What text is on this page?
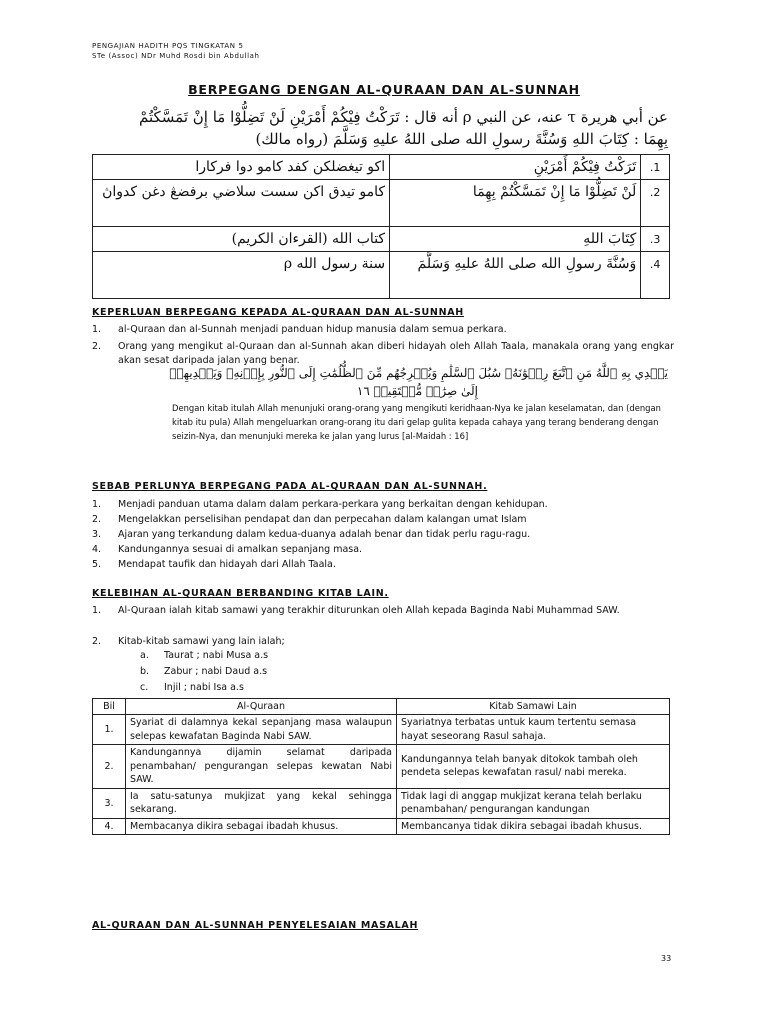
PENGAJIAN HADITH PQS TINGKATAN 5
STe (Assoc) NDr Muhd Rosdi bin Abdullah
BERPEGANG DENGAN AL-QURAAN DAN AL-SUNNAH
عن أبي هريرة τ عنه، عن النبي ρ أنه قال : تَرَكْتُ فِيْكُمْ أَمْرَيْنِ لَنْ تَضِلُّوْا مَا إِنْ تَمَسَّكْتُمْ
بِهِمَا : كِتَابَ اللهِ وَسُنَّةَ رسولِ الله صلى اللهُ عليهِ وَسَلَّمَ (رواه مالك)
اکو تيغضلکن کفد کامو دوا فرکارا	تَرَكْتُ فِيْكُمْ أَمْرَيْنِ	.1
کامو تيدق اکن سست سلاضي برفضڠ دغن کدواڽ	لَنْ تَضِلُّوْا مَا إِنْ تَمَسَّكْتُمْ بِهِمَا	.2
کتاب الله (القرءان الكريم)	كِتَابَ اللهِ	.3
سنة رسول الله ρ	وَسُنَّةَ رسولِ الله صلى اللهُ عليهِ وَسَلَّمَ	.4
KEPERLUAN BERPEGANG KEPADA AL-QURAAN DAN AL-SUNNAH
1. al-Quraan dan al-Sunnah menjadi panduan hidup manusia dalam semua perkara.
2. Orang yang mengikut al-Quraan dan al-Sunnah akan diberi hidayah oleh Allah Taala, manakala orang yang engkar akan sesat daripada jalan yang benar.
يَهۡدِي بِهِ ٱللَّهُ مَنِ ٱتَّبَعَ رِضۡوَٰنَهُۥ سُبُلَ ٱلسَّلَٰمِ وَيُخۡرِجُهُم مِّنَ ٱلظُّلُمَٰتِ إِلَى ٱلنُّورِ بِإِذۡنِهِۦ وَيَهۡدِيهِمۡ
إِلَىٰ صِرَٰطٖ مُّسۡتَقِيمٖ ١٦
Dengan kitab itulah Allah menunjuki orang-orang yang mengikuti keridhaan-Nya ke jalan keselamatan, dan (dengan kitab itu pula) Allah mengeluarkan orang-orang itu dari gelap gulita kepada cahaya yang terang benderang dengan seizin-Nya, dan menunjuki mereka ke jalan yang lurus [al-Maidah : 16]
SEBAB PERLUNYA BERPEGANG PADA AL-QURAAN DAN AL-SUNNAH.
1. Menjadi panduan utama dalam dalam perkara-perkara yang berkaitan dengan kehidupan.
2. Mengelakkan perselisihan pendapat dan dan perpecahan dalam kalangan umat Islam
3. Ajaran yang terkandung dalam kedua-duanya adalah benar dan tidak perlu ragu-ragu.
4. Kandungannya sesuai di amalkan sepanjang masa.
5. Mendapat taufik dan hidayah dari Allah Taala.
KELEBIHAN AL-QURAAN BERBANDING KITAB LAIN.
1. Al-Quraan ialah kitab samawi yang terakhir diturunkan oleh Allah kepada Baginda Nabi Muhammad SAW.
2. Kitab-kitab samawi yang lain ialah;
a. Taurat ; nabi Musa a.s
b. Zabur ; nabi Daud a.s
c. Injil ; nabi Isa a.s
Bil	Al-Quraan	Kitab Samawi Lain
1.	Syariat di dalamnya kekal sepanjang masa walaupun selepas kewafatan Baginda Nabi SAW.	Syariatnya terbatas untuk kaum tertentu semasa hayat seseorang Rasul sahaja.
2.	Kandungannya dijamin selamat daripada penambahan/ pengurangan selepas kewatan Nabi SAW.	Kandungannya telah banyak ditokok tambah oleh pendeta selepas kewafatan rasul/ nabi mereka.
3.	Ia satu-satunya mukjizat yang kekal sehingga sekarang.	Tidak lagi di anggap mukjizat kerana telah berlaku penambahan/ pengurangan kandungan
4.	Membacanya dikira sebagai ibadah khusus.	Membancanya tidak dikira sebagai ibadah khusus.
AL-QURAAN DAN AL-SUNNAH PENYELESAIAN MASALAH
33
